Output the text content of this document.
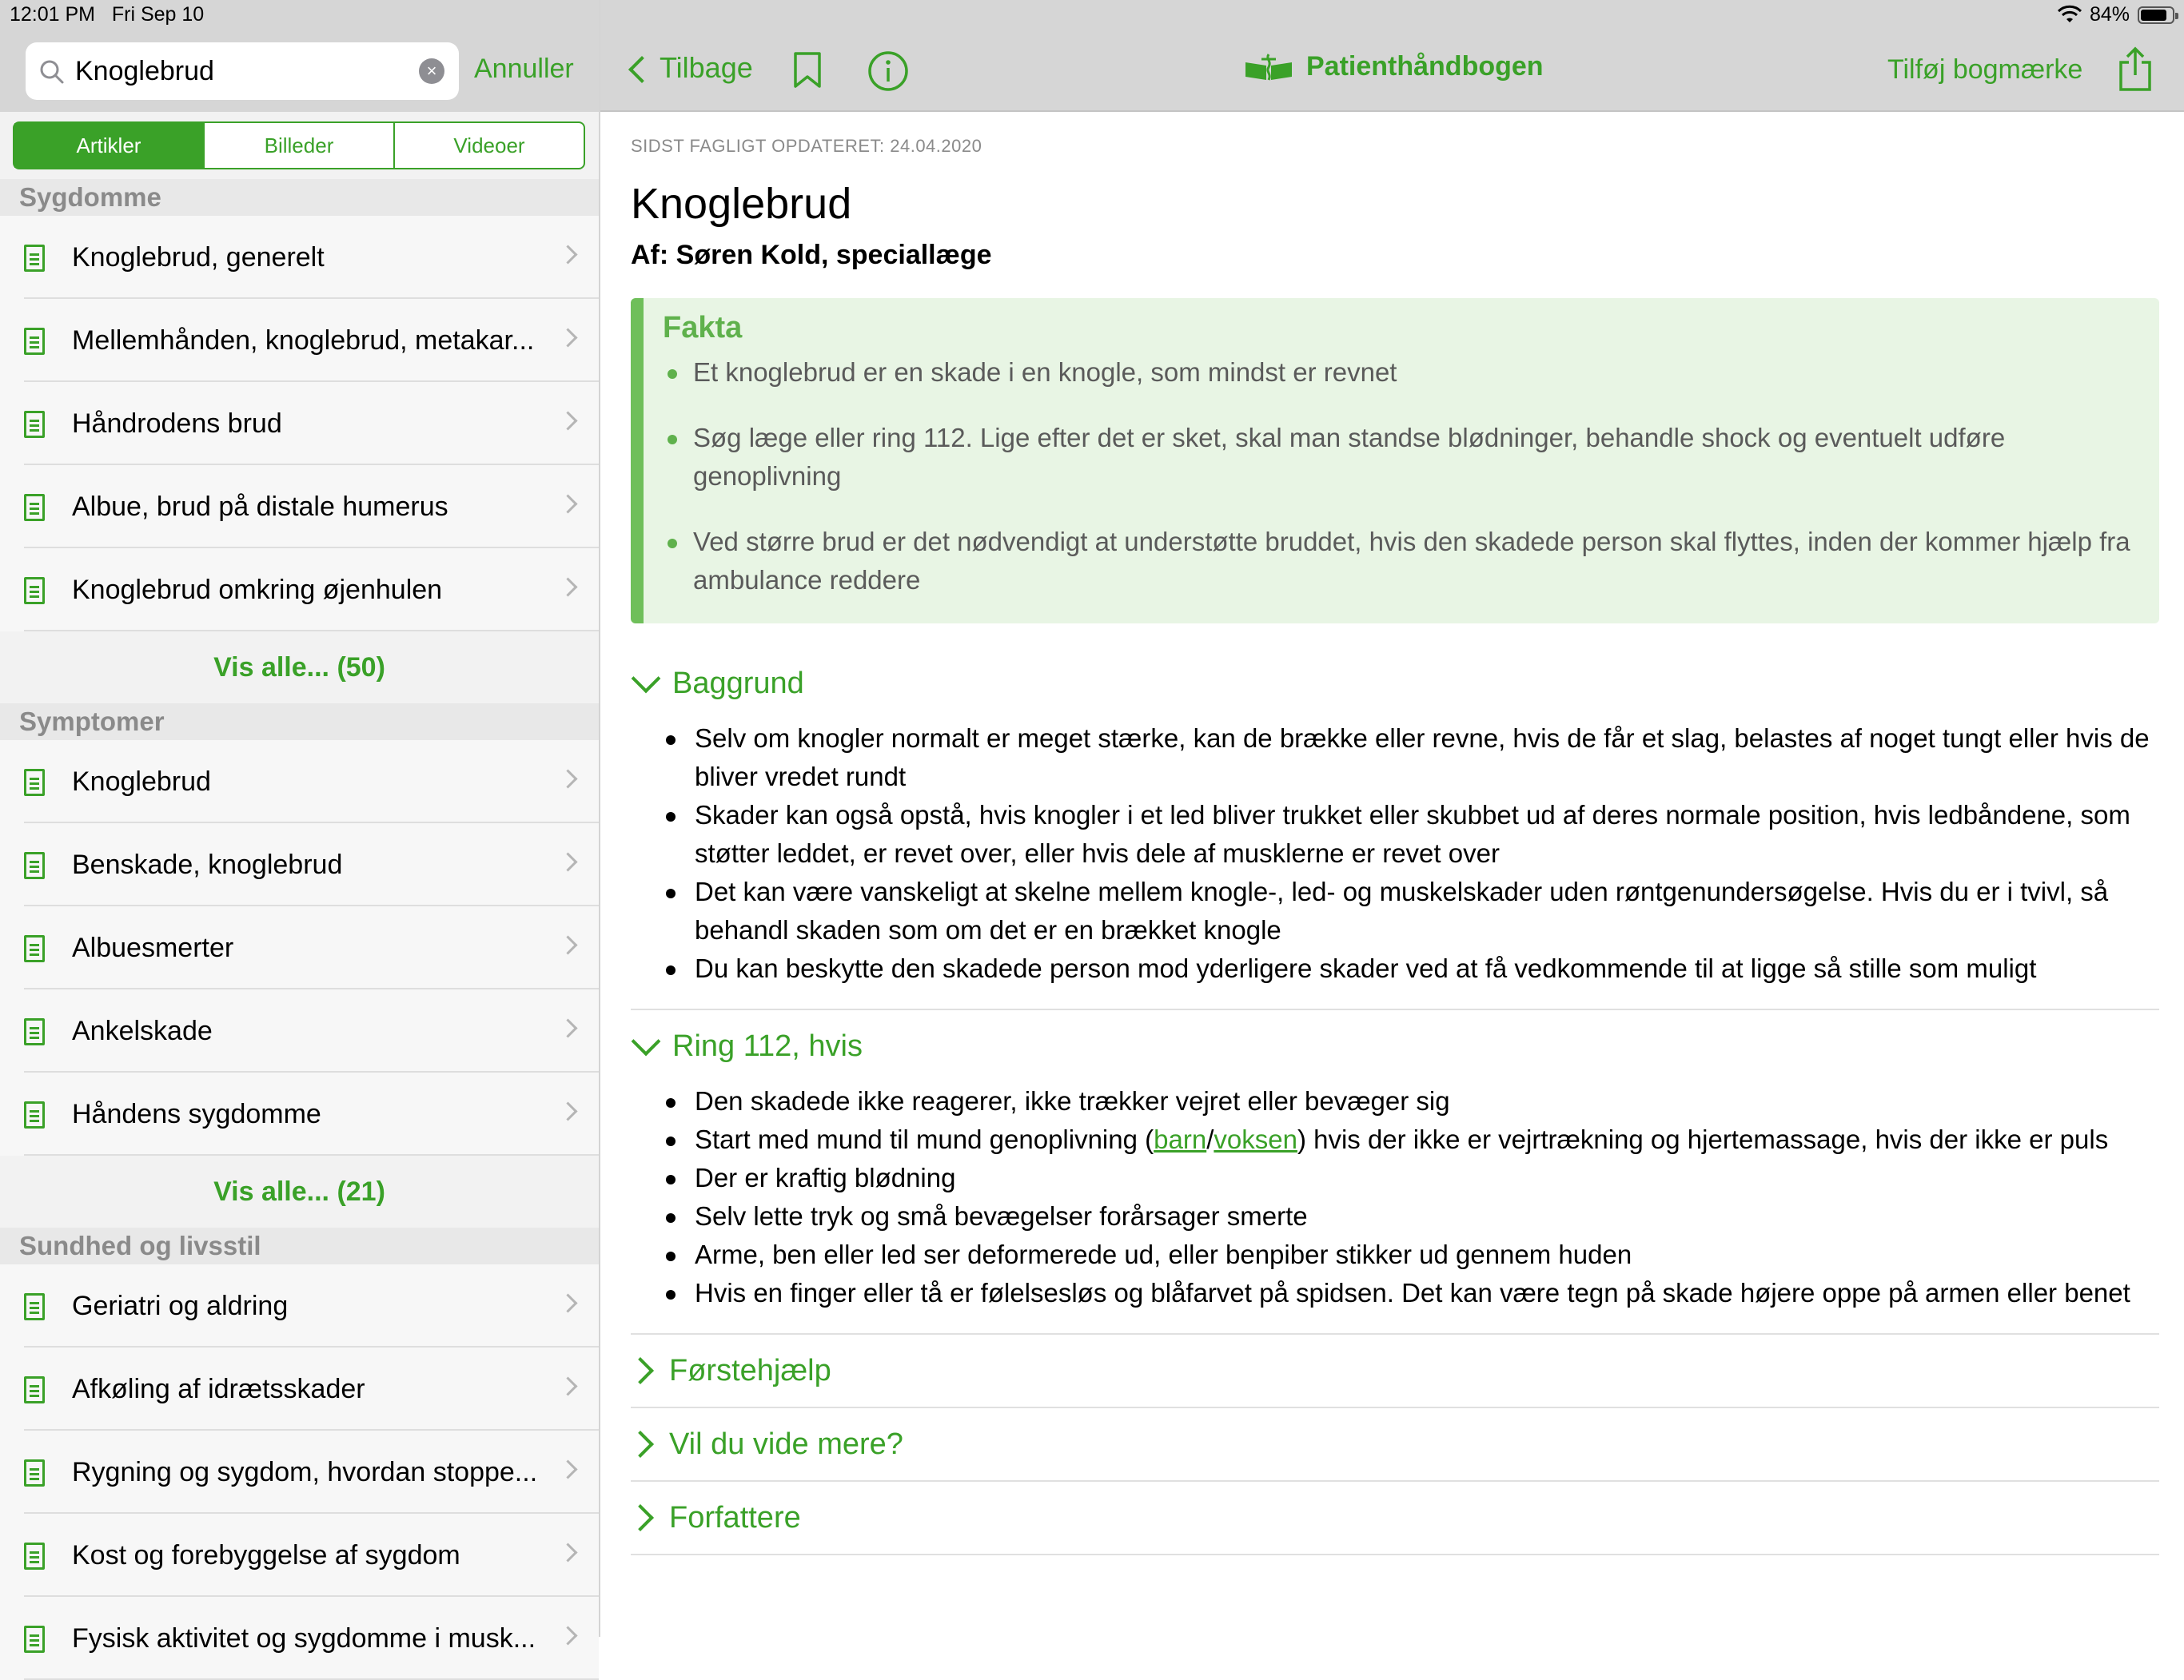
12:01 PM Fri Sep 10	84%
Knoglebrud
× Annuller
Artikler	Billeder	Videoer
Sygdomme
Knoglebrud, generelt
Mellemhånden, knoglebrud, metakar...
Håndrodens brud
Albue, brud på distale humerus
Knoglebrud omkring øjenhulen
Vis alle... (50)
Symptomer
Knoglebrud
Benskade, knoglebrud
Albuesmerter
Ankelskade
Håndens sygdomme
Vis alle... (21)
Sundhed og livsstil
Geriatri og aldring
Afkøling af idrætsskader
Rygning og sygdom, hvordan stoppe...
Kost og forebyggelse af sygdom
Fysisk aktivitet og sygdomme i musk...
Tilbage	Patienthåndbogen	Tilføj bogmærke
SIDST FAGLIGT OPDATERET: 24.04.2020
Knoglebrud
Af: Søren Kold, speciallæge
Fakta
Et knoglebrud er en skade i en knogle, som mindst er revnet
Søg læge eller ring 112. Lige efter det er sket, skal man standse blødninger, behandle shock og eventuelt udføre genoplivning
Ved større brud er det nødvendigt at understøtte bruddet, hvis den skadede person skal flyttes, inden der kommer hjælp fra ambulance reddere
Baggrund
Selv om knogler normalt er meget stærke, kan de brække eller revne, hvis de får et slag, belastes af noget tungt eller hvis de bliver vredet rundt
Skader kan også opstå, hvis knogler i et led bliver trukket eller skubbet ud af deres normale position, hvis ledbåndene, som støtter leddet, er revet over, eller hvis dele af musklerne er revet over
Det kan være vanskeligt at skelne mellem knogle-, led- og muskelskader uden røntgenundersøgelse. Hvis du er i tvivl, så behandl skaden som om det er en brækket knogle
Du kan beskytte den skadede person mod yderligere skader ved at få vedkommende til at ligge så stille som muligt
Ring 112, hvis
Den skadede ikke reagerer, ikke trækker vejret eller bevæger sig
Start med mund til mund genoplivning (barn/voksen) hvis der ikke er vejrtrækning og hjertemassage, hvis der ikke er puls
Der er kraftig blødning
Selv lette tryk og små bevægelser forårsager smerte
Arme, ben eller led ser deformerede ud, eller benpiber stikker ud gennem huden
Hvis en finger eller tå er følelsesløs og blåfarvet på spidsen. Det kan være tegn på skade højere oppe på armen eller benet
Førstehjælp
Vil du vide mere?
Forfattere
